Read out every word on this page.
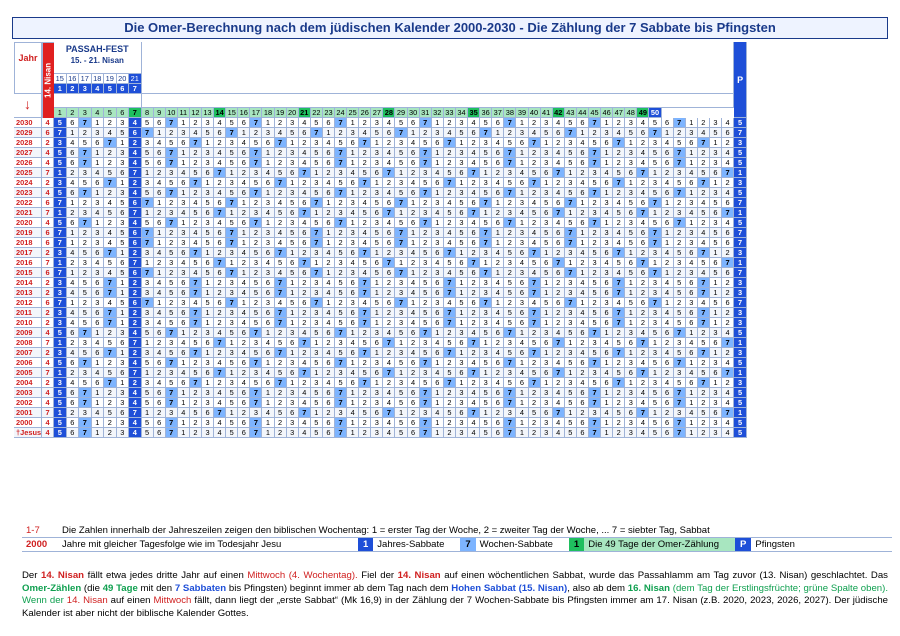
Die Omer-Berechnung nach dem jüdischen Kalender 2000-2030 - Die Zählung der 7 Sabbate bis Pfingsten
Jahr
14. Nisan
PASSAH-FEST
15. - 21. Nisan
P
15 16 17 18 19 20 21
1	2	3	4	5	6	7
↓
1	2	3	4	5	6	7	8	9 10 11 12 13 14 15 16 17 18 19 20 21 22 23 24 25 26 27 28 29 30 31 32 33 34 35 36 37 38 39 40 41 42 43 44 45 46 47 48 49 50
2030	4	5	6	7	1	2	3	4	5	6	7	1	2	3	4	5	6	7	1	2	3	4	5	6	7	1	2	3	4	5	6	7	1	2	3	4	5	6	7	1	2	3	4	5	6	7	1	2	3	4	5	6	7	1	2	3	4	5
2029	6	7	1	2	3	4	5	6	7	1	2	3	4	5	6	7	1	2	3	4	5	6	7	1	2	3	4	5	6	7	1	2	3	4	5	6	7	1	2	3	4	5	6	7	1	2	3	4	5	6	7	1	2	3	4	5	6	7
2028	2	3	4	5	6	7	1	2	3	4	5	6	7	1	2	3	4	5	6	7	1	2	3	4	5	6	7	1	2	3	4	5	6	7	1	2	3	4	5	6	7	1	2	3	4	5	6	7	1	2	3	4	5	6	7	1	2	3
2027	4	5	6	7	1	2	3	4	5	6	7	1	2	3	4	5	6	7	1	2	3	4	5	6	7	1	2	3	4	5	6	7	1	2	3	4	5	6	7	1	2	3	4	5	6	7	1	2	3	4	5	6	7	1	2	3	4	5
2026	4	5	6	7	1	2	3	4	5	6	7	1	2	3	4	5	6	7	1	2	3	4	5	6	7	1	2	3	4	5	6	7	1	2	3	4	5	6	7	1	2	3	4	5	6	7	1	2	3	4	5	6	7	1	2	3	4	5
2025	7	1	2	3	4	5	6	7	1	2	3	4	5	6	7	1	2	3	4	5	6	7	1	2	3	4	5	6	7	1	2	3	4	5	6	7	1	2	3	4	5	6	7	1	2	3	4	5	6	7	1	2	3	4	5	6	7	1
2024	2	3	4	5	6	7	1	2	3	4	5	6	7	1	2	3	4	5	6	7	1	2	3	4	5	6	7	1	2	3	4	5	6	7	1	2	3	4	5	6	7	1	2	3	4	5	6	7	1	2	3	4	5	6	7	1	2	3
2023	4	5	6	7	1	2	3	4	5	6	7	1	2	3	4	5	6	7	1	2	3	4	5	6	7	1	2	3	4	5	6	7	1	2	3	4	5	6	7	1	2	3	4	5	6	7	1	2	3	4	5	6	7	1	2	3	4	5
2022	6	7	1	2	3	4	5	6	7	1	2	3	4	5	6	7	1	2	3	4	5	6	7	1	2	3	4	5	6	7	1	2	3	4	5	6	7	1	2	3	4	5	6	7	1	2	3	4	5	6	7	1	2	3	4	5	6	7
2021	7	1	2	3	4	5	6	7	1	2	3	4	5	6	7	1	2	3	4	5	6	7	1	2	3	4	5	6	7	1	2	3	4	5	6	7	1	2	3	4	5	6	7	1	2	3	4	5	6	7	1	2	3	4	5	6	7	1
2020	4	5	6	7	1	2	3	4	5	6	7	1	2	3	4	5	6	7	1	2	3	4	5	6	7	1	2	3	4	5	6	7	1	2	3	4	5	6	7	1	2	3	4	5	6	7	1	2	3	4	5	6	7	1	2	3	4	5
2019	6	7	1	2	3	4	5	6	7	1	2	3	4	5	6	7	1	2	3	4	5	6	7	1	2	3	4	5	6	7	1	2	3	4	5	6	7	1	2	3	4	5	6	7	1	2	3	4	5	6	7	1	2	3	4	5	6	7
2018	6	7	1	2	3	4	5	6	7	1	2	3	4	5	6	7	1	2	3	4	5	6	7	1	2	3	4	5	6	7	1	2	3	4	5	6	7	1	2	3	4	5	6	7	1	2	3	4	5	6	7	1	2	3	4	5	6	7
2017	2	3	4	5	6	7	1	2	3	4	5	6	7	1	2	3	4	5	6	7	1	2	3	4	5	6	7	1	2	3	4	5	6	7	1	2	3	4	5	6	7	1	2	3	4	5	6	7	1	2	3	4	5	6	7	1	2	3
2016	7	1	2	3	4	5	6	7	1	2	3	4	5	6	7	1	2	3	4	5	6	7	1	2	3	4	5	6	7	1	2	3	4	5	6	7	1	2	3	4	5	6	7	1	2	3	4	5	6	7	1	2	3	4	5	6	7	1
2015	6	7	1	2	3	4	5	6	7	1	2	3	4	5	6	7	1	2	3	4	5	6	7	1	2	3	4	5	6	7	1	2	3	4	5	6	7	1	2	3	4	5	6	7	1	2	3	4	5	6	7	1	2	3	4	5	6	7
2014	2	3	4	5	6	7	1	2	3	4	5	6	7	1	2	3	4	5	6	7	1	2	3	4	5	6	7	1	2	3	4	5	6	7	1	2	3	4	5	6	7	1	2	3	4	5	6	7	1	2	3	4	5	6	7	1	2	3
2013	2	3	4	5	6	7	1	2	3	4	5	6	7	1	2	3	4	5	6	7	1	2	3	4	5	6	7	1	2	3	4	5	6	7	1	2	3	4	5	6	7	1	2	3	4	5	6	7	1	2	3	4	5	6	7	1	2	3
2012	6	7	1	2	3	4	5	6	7	1	2	3	4	5	6	7	1	2	3	4	5	6	7	1	2	3	4	5	6	7	1	2	3	4	5	6	7	1	2	3	4	5	6	7	1	2	3	4	5	6	7	1	2	3	4	5	6	7
2011	2	3	4	5	6	7	1	2	3	4	5	6	7	1	2	3	4	5	6	7	1	2	3	4	5	6	7	1	2	3	4	5	6	7	1	2	3	4	5	6	7	1	2	3	4	5	6	7	1	2	3	4	5	6	7	1	2	3
2010	2	3	4	5	6	7	1	2	3	4	5	6	7	1	2	3	4	5	6	7	1	2	3	4	5	6	7	1	2	3	4	5	6	7	1	2	3	4	5	6	7	1	2	3	4	5	6	7	1	2	3	4	5	6	7	1	2	3
2009	4	5	6	7	1	2	3	4	5	6	7	1	2	3	4	5	6	7	1	2	3	4	5	6	7	1	2	3	4	5	6	7	1	2	3	4	5	6	7	1	2	3	4	5	6	7	1	2	3	4	5	6	7	1	2	3	4	5
2008	7	1	2	3	4	5	6	7	1	2	3	4	5	6	7	1	2	3	4	5	6	7	1	2	3	4	5	6	7	1	2	3	4	5	6	7	1	2	3	4	5	6	7	1	2	3	4	5	6	7	1	2	3	4	5	6	7	1
2007	2	3	4	5	6	7	1	2	3	4	5	6	7	1	2	3	4	5	6	7	1	2	3	4	5	6	7	1	2	3	4	5	6	7	1	2	3	4	5	6	7	1	2	3	4	5	6	7	1	2	3	4	5	6	7	1	2	3
2006	4	5	6	7	1	2	3	4	5	6	7	1	2	3	4	5	6	7	1	2	3	4	5	6	7	1	2	3	4	5	6	7	1	2	3	4	5	6	7	1	2	3	4	5	6	7	1	2	3	4	5	6	7	1	2	3	4	5
2005	7	1	2	3	4	5	6	7	1	2	3	4	5	6	7	1	2	3	4	5	6	7	1	2	3	4	5	6	7	1	2	3	4	5	6	7	1	2	3	4	5	6	7	1	2	3	4	5	6	7	1	2	3	4	5	6	7	1
2004	2	3	4	5	6	7	1	2	3	4	5	6	7	1	2	3	4	5	6	7	1	2	3	4	5	6	7	1	2	3	4	5	6	7	1	2	3	4	5	6	7	1	2	3	4	5	6	7	1	2	3	4	5	6	7	1	2	3
2003	4	5	6	7	1	2	3	4	5	6	7	1	2	3	4	5	6	7	1	2	3	4	5	6	7	1	2	3	4	5	6	7	1	2	3	4	5	6	7	1	2	3	4	5	6	7	1	2	3	4	5	6	7	1	2	3	4	5
2002	4	5	6	7	1	2	3	4	5	6	7	1	2	3	4	5	6	7	1	2	3	4	5	6	7	1	2	3	4	5	6	7	1	2	3	4	5	6	7	1	2	3	4	5	6	7	1	2	3	4	5	6	7	1	2	3	4	5
2001	7	1	2	3	4	5	6	7	1	2	3	4	5	6	7	1	2	3	4	5	6	7	1	2	3	4	5	6	7	1	2	3	4	5	6	7	1	2	3	4	5	6	7	1	2	3	4	5	6	7	1	2	3	4	5	6	7	1
2000	4	5	6	7	1	2	3	4	5	6	7	1	2	3	4	5	6	7	1	2	3	4	5	6	7	1	2	3	4	5	6	7	1	2	3	4	5	6	7	1	2	3	4	5	6	7	1	2	3	4	5	6	7	1	2	3	4	5
†Jesus 4	5	6	7	1	2	3	4	5	6	7	1	2	3	4	5	6	7	1	2	3	4	5	6	7	1	2	3	4	5	6	7	1	2	3	4	5	6	7	1	2	3	4	5	6	7	1	2	3	4	5	6	7	1	2	3	4	5
1-7	Die Zahlen innerhalb der Jahreszeilen zeigen den biblischen Wochentag: 1 = erster Tag der Woche, 2 = zweiter Tag der Woche, ... 7 = siebter Tag, Sabbat
2000	Jahre mit gleicher Tagesfolge wie im Todesjahr Jesu	1 Jahres-Sabbate	7 Wochen-Sabbate	1 Die 49 Tage der Omer-Zählung	P Pfingsten
Der 14. Nisan fällt etwa jedes dritte Jahr auf einen Mittwoch (4. Wochentag). Fiel der 14. Nisan auf einen wöchentlichen Sabbat, wurde das Passahlamm am Tag zuvor (13. Nisan) geschlachtet. Das Omer-Zählen (die 49 Tage mit den 7 Sabbaten bis Pfingsten) beginnt immer ab dem Tag nach dem Hohen Sabbat (15. Nisan), also ab dem 16. Nisan (dem Tag der Erstlingsfrüchte; grüne Spalte oben). Wenn der 14. Nisan auf einen Mittwoch fällt, dann liegt der „erste Sabbat“ (Mk 16,9) in der Zählung der 7 Wochen-Sabbate bis Pfingsten immer am 17. Nisan (z.B. 2020, 2023, 2026, 2027). Der jüdische Kalender ist aber nicht der biblische Kalender Gottes.
